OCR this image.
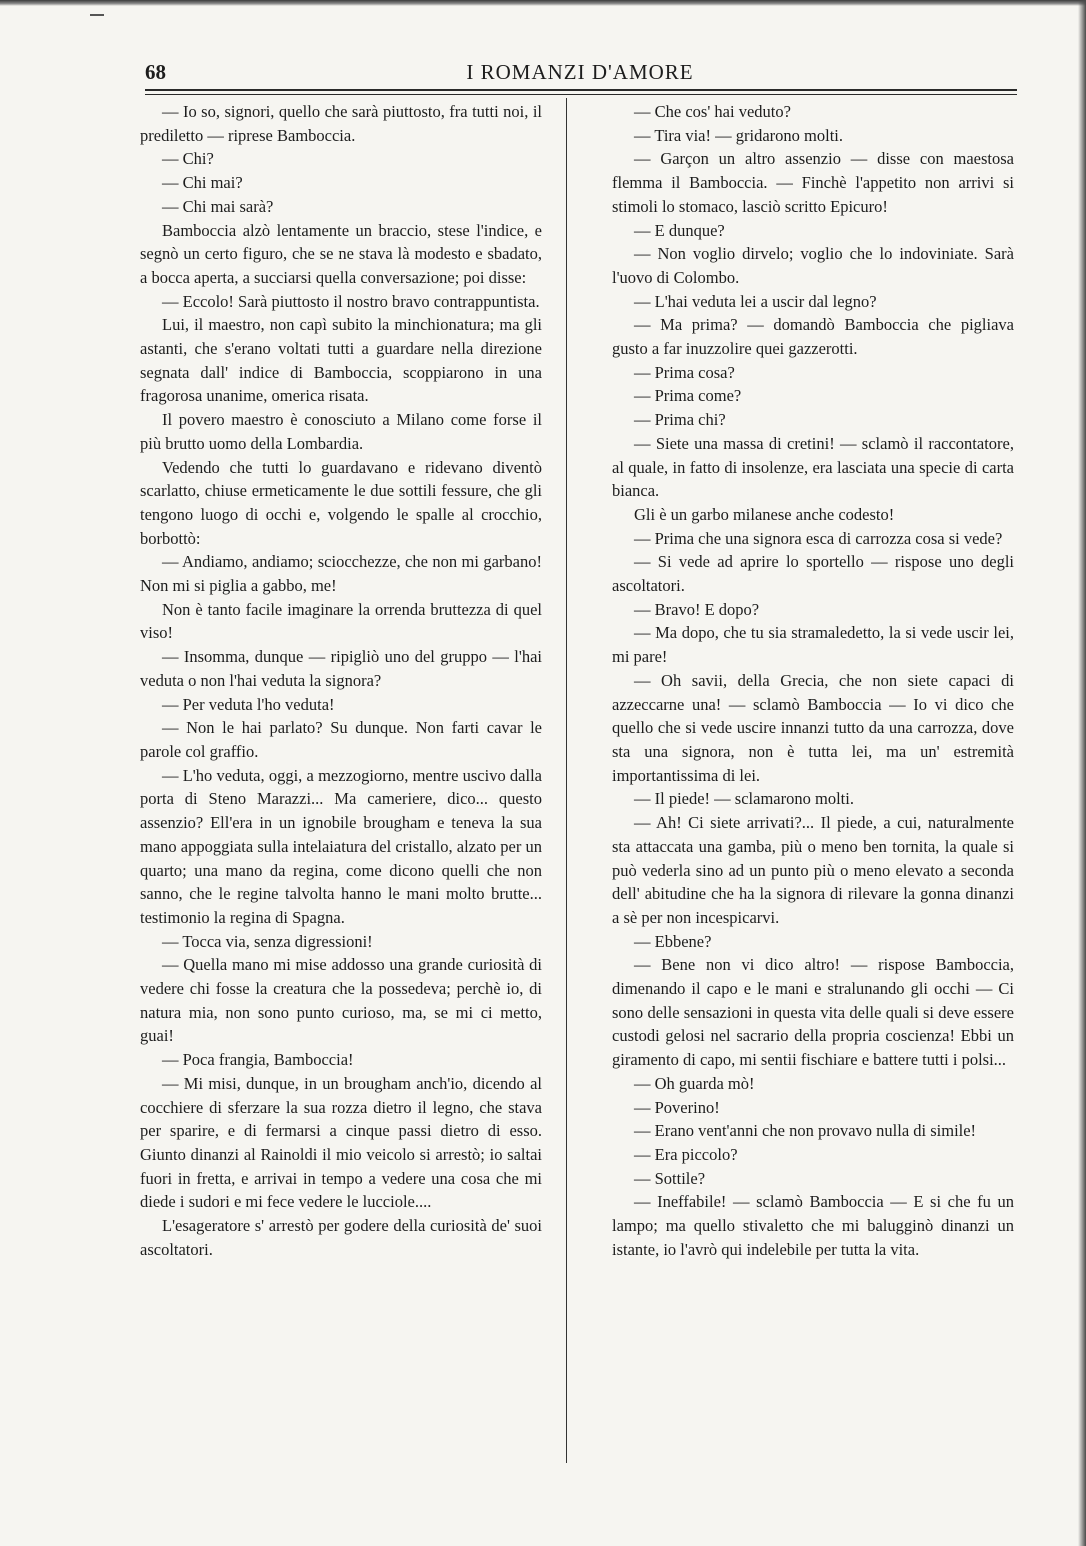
68	I ROMANZI D'AMORE

— Io so, signori, quello che sarà piuttosto, fra tutti noi, il prediletto — riprese Bamboccia.

— Chi?

— Chi mai?

— Chi mai sarà?

Bamboccia alzò lentamente un braccio, stese l'indice, e segnò un certo figuro, che se ne stava là modesto e sbadato, a bocca aperta, a succiarsi quella conversazione; poi disse:

— Eccolo! Sarà piuttosto il nostro bravo contrappuntista.

Lui, il maestro, non capì subito la minchionatura; ma gli astanti, che s'erano voltati tutti a guardare nella direzione segnata dall' indice di Bamboccia, scoppiarono in una fragorosa unanime, omerica risata.

Il povero maestro è conosciuto a Milano come forse il più brutto uomo della Lombardia.

Vedendo che tutti lo guardavano e ridevano diventò scarlatto, chiuse ermeticamente le due sottili fessure, che gli tengono luogo di occhi e, volgendo le spalle al crocchio, borbottò:

— Andiamo, andiamo; sciocchezze, che non mi garbano! Non mi si piglia a gabbo, me!

Non è tanto facile imaginare la orrenda bruttezza di quel viso!

— Insomma, dunque — ripigliò uno del gruppo — l'hai veduta o non l'hai veduta la signora?

— Per veduta l'ho veduta!

— Non le hai parlato? Su dunque. Non farti cavar le parole col graffio.

— L'ho veduta, oggi, a mezzogiorno, mentre uscivo dalla porta di Steno Marazzi... Ma cameriere, dico... questo assenzio? Ell'era in un ignobile brougham e teneva la sua mano appoggiata sulla intelaiatura del cristallo, alzato per un quarto; una mano da regina, come dicono quelli che non sanno, che le regine talvolta hanno le mani molto brutte... testimonio la regina di Spagna.

— Tocca via, senza digressioni!

— Quella mano mi mise addosso una grande curiosità di vedere chi fosse la creatura che la possedeva; perchè io, di natura mia, non sono punto curioso, ma, se mi ci metto, guai!

— Poca frangia, Bamboccia!

— Mi misi, dunque, in un brougham anch'io, dicendo al cocchiere di sferzare la sua rozza dietro il legno, che stava per sparire, e di fermarsi a cinque passi dietro di esso. Giunto dinanzi al Rainoldi il mio veicolo si arrestò; io saltai fuori in fretta, e arrivai in tempo a vedere una cosa che mi diede i sudori e mi fece vedere le lucciole....

L'esageratore s' arrestò per godere della curiosità de' suoi ascoltatori.

— Che cos' hai veduto?

— Tira via! — gridarono molti.

— Garçon un altro assenzio — disse con maestosa flemma il Bamboccia. — Finchè l'appetito non arrivi si stimoli lo stomaco, lasciò scritto Epicuro!

— E dunque?

— Non voglio dirvelo; voglio che lo indoviniate. Sarà l'uovo di Colombo.

— L'hai veduta lei a uscir dal legno?

— Ma prima? — domandò Bamboccia che pigliava gusto a far inuzzolire quei gazzerotti.

— Prima cosa?

— Prima come?

— Prima chi?

— Siete una massa di cretini! — sclamò il raccontatore, al quale, in fatto di insolenze, era lasciata una specie di carta bianca.

Gli è un garbo milanese anche codesto!

— Prima che una signora esca di carrozza cosa si vede?

— Si vede ad aprire lo sportello — rispose uno degli ascoltatori.

— Bravo! E dopo?

— Ma dopo, che tu sia stramaledetto, la si vede uscir lei, mi pare!

— Oh savii, della Grecia, che non siete capaci di azzeccarne una! — sclamò Bamboccia — Io vi dico che quello che si vede uscire innanzi tutto da una carrozza, dove sta una signora, non è tutta lei, ma un' estremità importantissima di lei.

— Il piede! — sclamarono molti.

— Ah! Ci siete arrivati?... Il piede, a cui, naturalmente sta attaccata una gamba, più o meno ben tornita, la quale si può vederla sino ad un punto più o meno elevato a seconda dell' abitudine che ha la signora di rilevare la gonna dinanzi a sè per non incespicarvi.

— Ebbene?

— Bene non vi dico altro! — rispose Bamboccia, dimenando il capo e le mani e stralunando gli occhi — Ci sono delle sensazioni in questa vita delle quali si deve essere custodi gelosi nel sacrario della propria coscienza! Ebbi un giramento di capo, mi sentii fischiare e battere tutti i polsi...

— Oh guarda mò!

— Poverino!

— Erano vent'anni che non provavo nulla di simile!

— Era piccolo?

— Sottile?

— Ineffabile! — sclamò Bamboccia — E si che fu un lampo; ma quello stivaletto che mi balugginò dinanzi un istante, io l'avrò qui indelebile per tutta la vita.
